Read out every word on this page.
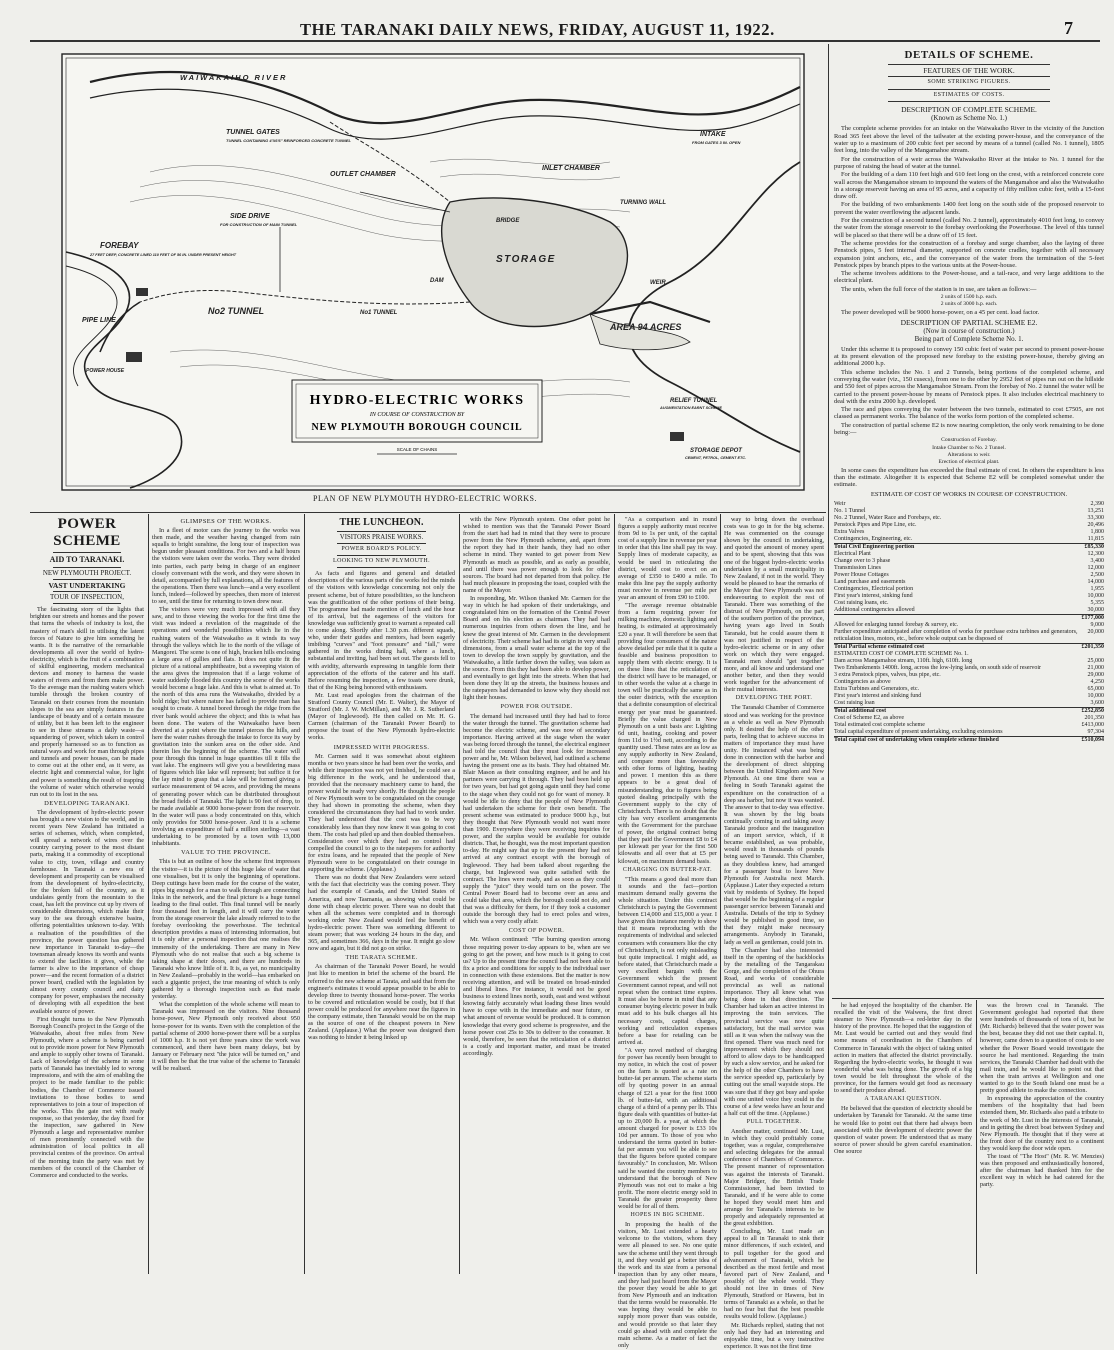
THE TARANAKI DAILY NEWS, FRIDAY, AUGUST 11, 1922.	7
HYDRO-ELECTRIC WORKS
IN COURSE OF CONSTRUCTION BY
NEW PLYMOUTH BOROUGH COUNCIL
SCALE OF CHAINS
WAIWAKAIHO RIVER
TUNNEL GATES
TUNNEL CONTAINING 4'X6'6" REINFORCED CONCRETE TUNNEL
INTAKE
FROM GATES 3 IN. OPEN
OUTLET CHAMBER
INLET CHAMBER
FOREBAY
27 FEET DEEP, CONCRETE LINED 110 FEET OF 56 IN. UNDER PRESENT HEIGHT
SIDE DRIVE
FOR CONSTRUCTION OF MAIN TUNNEL
TURNING WALL
BRIDGE
STORAGE
DAM	WEIR
No2 TUNNEL	No1 TUNNEL
PIPE LINE
AREA 94 ACRES
RELIEF TUNNEL
AUGMENTATION EARNT SCHEME
STORAGE DEPOT
CEMENT, PETROL, CEMENT ETC.
POWER HOUSE
PLAN OF NEW PLYMOUTH HYDRO-ELECTRIC WORKS.
POWER SCHEME
AID TO TARANAKI.
NEW PLYMOUTH PROJECT.
VAST UNDERTAKING
TOUR OF INSPECTION,

The fascinating story of the lights that brighten our streets and homes and the power that turns the wheels of industry is lost, the mastery of man's skill in utilising the latent forces of Nature to give him something he wants. It is the narrative of the remarkable developments all over the world of hydro-electricity, which is the fruit of a combination of skilful engineering, modern mechanical devices and money to harness the waste waters of rivers and from them make power. To the average man the rushing waters which tumble through the broken country of Taranaki on their courses from the mountain slopes to the sea are simply features in the landscape of beauty and of a certain measure of utility, but it has been left to the engineer to see in these streams a daily waste—a squandering of power, which taken in control and properly harnessed so as to function as natural ways and work for man through pipes and tunnels and power houses, can be made to come out at the other end, as it were, as electric light and commercial value, for light and power is something the result of trapping the volume of water which otherwise would run out to its lost in the sea.

DEVELOPING TARANAKI.

The development of hydro-electric power has brought a new vision to the world, and in recent years New Zealand has initiated a series of schemes, which, when completed, will spread a network of wires over the country carrying power to the most distant parts, making it a commodity of exceptional value to city, town, village and country farmhouse. In Taranaki a new era of development and prosperity can be visualised from the development of hydro-electricity, for the broken fall of the country, as it undulates gently from the mountain to the coast, has left the province cut up by rivers of considerable dimensions, which make their way to the sea through extensive basins, offering potentialities unknown to-day. With a realisation of the possibilities of the province, the power question has gathered new importance in Taranaki to-day—the townsman already knows its worth and wants to extend the facilities it gives, while the farmer is alive to the importance of cheap power—and the recent formation of a district power board, cradled with the legislation by almost every county council and dairy company for power, emphasises the necessity of developing with all expedition the best available source of power.

First thought turns to the New Plymouth Borough Council's project in the Gorge of the Waiwakaiho, about five miles from New Plymouth, where a scheme is being carried out to provide more power for New Plymouth and ample to supply other towns of Taranaki. Lack of knowledge of the scheme in some parts of Taranaki has inevitably led to wrong impressions, and with the aim of enabling the project to be made familiar to the public bodies, the Chamber of Commerce issued invitations to those bodies to send representatives to join a tour of inspection of the works. This the gate met with ready response, so that yesterday, the day fixed for the inspection, saw gathered in New Plymouth a large and representative number of men prominently connected with the administration of local politics in all provincial centres of the province. On arrival of the morning train the party was met by members of the council of the Chamber of Commerce and conducted to the works.

GLIMPSES OF THE WORKS.

In a fleet of motor cars the journey to the works was then made, and the weather having changed from rain squalls to bright sunshine, the long tour of inspection was begun under pleasant conditions. For two and a half hours the visitors were taken over the works. They were divided into parties, each party being in charge of an engineer closely conversant with the work, and they were shown in detail, accompanied by full explanations, all the features of the operations. Then there was lunch—and a very excellent lunch, indeed—followed by speeches, then more of interest to see, until the time for returning to town drew near.

The visitors were very much impressed with all they saw, and to those viewing the works for the first time the visit was indeed a revelation of the magnitude of the operations and wonderful possibilities which lie in the rushing waters of the Waiwakaiho as it winds its way through the valleys which lie to the north of the village of Mangorei. The scene is one of high, bracken hills enclosing a large area of gullies and flats. It does not quite fit the picture of a rational amphitheatre, but a sweeping vision of the area gives the impression that if a large volume of water suddenly flooded this country the scene of the works would become a huge lake. And this is what is aimed at. To the north of this area runs the Waiwakaiho, divided by a bold ridge; but where nature has failed to provide man has sought to create. A tunnel bored through the ridge from the river bank would achieve the object; and this is what has been done. The waters of the Waiwakaiho have been diverted at a point where the tunnel pierces the hills, and here the water rushes through the intake to force its way by gravitation into the sunken area on the other side. And therein lies the beginning of the scheme. The water will pour through this tunnel in huge quantities till it fills the vast lake. The engineers will give you a bewildering mass of figures which like lake will represent; but suffice it for the lay mind to grasp that a lake will be formed giving a surface measurement of 94 acres, and providing the means of generating power which can be distributed throughout the broad fields of Taranaki. The light is 90 feet of drop, to be made available at 9000 horse-power from the reservoir. In the water will pass a body concentrated on this, which only provides for 5000 horse-power. And it is a scheme involving an expenditure of half a million sterling—a vast undertaking to be promoted by a town with 13,000 inhabitants.

VALUE TO THE PROVINCE.

This is but an outline of how the scheme first impresses the visitor—it is the picture of this huge lake of water that one visualises, but it is only the beginning of operations. Deep cuttings have been made for the course of the water, pipes big enough for a man to walk through are connecting links in the network, and the final picture is a huge tunnel leading to the final outlet. This final tunnel will be nearly four thousand feet in length, and it will carry the water from the storage reservoir the lake already referred to to the forebay overlooking the powerhouse. The technical description provides a mass of interesting information, but it is only after a personal inspection that one realises the immensity of the undertaking. There are many in New Plymouth who do not realise that such a big scheme is taking shape at their doors, and there are hundreds in Taranaki who know little of it. It is, as yet, no municipality in New Zealand—probably in the world—has embarked on such a gigantic project, the true meaning of which is only gathered by a thorough inspection such as that made yesterday.

What the completion of the whole scheme will mean to Taranaki was impressed on the visitors. Nine thousand horse-power, New Plymouth only received about 950 horse-power for its wants. Even with the completion of the partial scheme of 2000 horse-power there will be a surplus of 1000 h.p. It is not yet three years since the work was commenced, and there have been many delays, but by January or February next "the juice will be turned on," and it will then be that the true value of the scheme to Taranaki will be realised.

THE LUNCHEON.
VISITORS PRAISE WORKS.
POWER BOARD'S POLICY.
LOOKING TO NEW PLYMOUTH.

As facts and figures and general and detailed descriptions of the various parts of the works fed the minds of the visitors with knowledge concerning not only the present scheme, but of future possibilities, so the luncheon was the gratification of the other portions of their being. The programme had made mention of lunch and the hour of its arrival, but the eagerness of the visitors for knowledge was sufficiently great to warrant a repeated call to come along. Shortly after 1.30 p.m. different squads, who, under their guides and mentors, had been eagerly imbibing "curves" and "foot pressure" and "fall," were gathered in the works dining hall, where a lunch, substantial and inviting, had been set out. The guests fell to with avidity, afterwards expressing in tangible form their appreciation of the efforts of the caterer and his staff. Before resuming the inspection, a few toasts were drunk, that of the King being honored with enthusiasm.

Mr. Lust read apologies from the chairman of the Stratford County Council (Mr. E. Walter), the Mayor of Stratford (Mr. J. W. McMillan), and Mr. J. R. Sutherland (Mayor of Inglewood). He then called on Mr. H. G. Carmen (chairman of the Taranaki Power Board) to propose the toast of the New Plymouth hydro-electric works.

IMPRESSED WITH PROGRESS.

Mr. Carmen said it was somewhat about eighteen months or two years since he had been over the works, and while their inspection was not yet finished, he could see a big difference in the work, and he understood that, provided that the necessary machinery came to hand, the power would be ready very shortly. He thought the people of New Plymouth were to be congratulated on the courage they had shown in promoting the scheme, when they considered the circumstances they had had to work under. They had understood that the cost was to be very considerably less than they now knew it was going to cost them. The costs had piled up and then doubled themselves. Consideration over which they had no control had compelled the council to go to the ratepayers for authority for extra loans, and he repeated that the people of New Plymouth were to be congratulated on their courage in supporting the scheme. (Applause.)

There was no doubt that New Zealanders were seized with the fact that electricity was the coming power. They had the example of Canada, and the United States of America, and now Tasmania, as showing what could be done with cheap electric power. There was no doubt that when all the schemes were completed and in thorough working order New Zealand would feel the benefit of hydro-electric power. There was something different to steam power; that was working 24 hours in the day, and 365, and sometimes 366, days in the year. It might go slow now and again, but it did not go on strike.

THE TARATA SCHEME.

As chairman of the Taranaki Power Board, he would just like to mention in brief the scheme of the board. He referred to the new scheme at Tarata, and said that from the engineer's estimates it would appear possible to be able to develop three to twenty thousand horse-power. The works to be covered and reticulation would be costly, but if that power could be produced for anywhere near the figures in the company estimate, then Taranaki would be on the map as the source of one of the cheapest powers in New Zealand. (Applause.) What the power was designed then was nothing to hinder it being linked up

with the New Plymouth system. One other point he wished to mention was that the Taranaki Power Board from the start had had in mind that they were to procure power from the New Plymouth scheme, and, apart from the report they had in their hands, they had no other scheme in mind. They wanted to get power from New Plymouth as much as possible, and as early as possible, and until there was power enough to look for other sources. The board had not departed from that policy. He had much pleasure in proposing the toast, coupled with the name of the Mayor.

In responding, Mr. Wilson thanked Mr. Carmen for the way in which he had spoken of their undertakings, and congratulated him on the formation of the Central Power Board and on his election as chairman. They had had numerous inquiries from others down the line, and he knew the great interest of Mr. Carmen in the development of electricity. Their scheme had had its origin in very small dimensions, from a small water scheme at the top of the town to develop the town supply by gravitation, and the Waiwakaiho, a little farther down the valley, was taken as the source. From this they had been able to develop power, and eventually to get light into the streets. When that had been done they lit up the streets, the business houses and the ratepayers had demanded to know why they should not light their houses.

POWER FOR OUTSIDE.

The demand had increased until they had had to force the water through the tunnel. The gravitation scheme had become the electric scheme, and was now of secondary importance. Having arrived at the stage when the water was being forced through the tunnel, the electrical engineer had told the council that they must look for increased power and he, Mr. Wilson believed, had outlined a scheme having the present one as its basis. They had obtained Mr. Blair Mason as their consulting engineer, and he and his partners were carrying it through. They had been held up for two years, but had got going again until they had come to the stage when they could not go for want of money. It would be idle to deny that the people of New Plymouth had undertaken the scheme for their own benefit. The present scheme was estimated to produce 9000 h.p., but they thought that New Plymouth would not want more than 1900. Everywhere they were receiving inquiries for power, and the surplus would be available for outside districts. That, he thought, was the most important question to-day. He might say that up to the present they had not arrived at any contract except with the borough of Inglewood. They had been talked about regarding the charge, but Inglewood was quite satisfied with the contract. The lines were ready, and as soon as they could supply the "juice" they would turn on the power. The Central Power Board had to become over an area and could take that area, which the borough could not do, and that was a difficulty for them, for if they took a customer outside the borough they had to erect poles and wires, which was a very costly affair.

COST OF POWER.

Mr. Wilson continued: "The burning question among those requiring power to-day appears to be, when are we going to get the power, and how much is it going to cost us? Up to the present time the council had not been able to fix a price and conditions for supply to the individual user in connection with these extensions. But the matter is now receiving attention, and will be treated on broad-minded and liberal lines. For instance, it would not be good business to extend lines north, south, east and west without knowing fairly accurately what loading these lines would have to cope with in the immediate and near future, or what amount of revenue would be produced. It is common knowledge that every good scheme is progressive, and the horse power cost 25s to 30s to deliver to the consumer. It would, therefore, be seen that the reticulation of a district is a costly and important matter, and must be treated accordingly.

"As a comparison and in round figures a supply authority must receive from 9d to 1s per unit, of the capital cost of a supply line in revenue per year in order that this line shall pay its way. Supply lines of moderate capacity, as would be used in reticulating the district, would cost to erect on an average of £350 to £400 a mile. To make this line pay the supply authority must receive in revenue per mile per year an amount of from £90 to £100.

"The average revenue obtainable from a farm requiring power for milking machine, domestic lighting and heating, is estimated at approximately £20 a year. It will therefore be seen that providing four consumers of the nature above detailed per mile that it is quite a feasible and business proposition to supply them with electric energy. It is on these lines that the reticulation of the district will have to be managed, or in other words the value at a charge in town will be practically the same as in the outer districts, with the exception that a definite consumption of electrical energy per year must be guaranteed. Briefly the value charged in New Plymouth on a unit basis are: Lighting 6d unit, heating, cooking and power from 11d to 1½d nett, according to the quantity used. These rates are as low as any supply authority in New Zealand, and compare more than favourably with other forms of lighting, heating and power. I mention this as there appears to be a great deal of misunderstanding, due to figures being quoted dealing principally with the Government supply to the city of Christchurch. There is no doubt that the city has very excellent arrangements with the Government for the purchase of power, the original contract being that they paid the Government £8 to £4 per kilowatt per year for the first 500 kilowatts and all over that at £5 per kilowatt, on maximum demand basis.

CHARGING ON BUTTER-FAT.

"This means a good deal more than it sounds and the fact—portion maximum demand really governs the whole situation. Under this contract Christchurch is paying the Government between £14,000 and £15,000 a year. I have given this instance merely to show that it means reproducing with the requirements of individual and selected consumers with consumers like the city of Christchurch, is not only misleading but quite impractical. I might add, as before stated, that Christchurch made a very excellent bargain with the Government which the present Government cannot repeat, and will not repeat when the contract time expires. It must also be borne in mind that any consumer buying electric power in bulk must add to his bulk charges all his necessary costs, capital charges, working and reticulation expenses before a base for retailing can be arrived at.

"A very novel method of charging for power has recently been brought to my notice, in which the cost of power on the farm is quoted as a rate on butter-fat per annum. The scheme starts off by quoting power in an annual charge of £21 a year for the first 1000 lb. of butter-fat, with an additional charge of a third of a penny per lb. This figure deals with quantities of butter-fat up to 20,000 lb. a year, at which the amount charged for power is £33 10s 10d per annum. To those of you who understand the terms quoted in butter-fat per annum you will be able to see that the figures before quoted compare favourably." In conclusion, Mr. Wilson said he wanted the country members to understand that the borough of New Plymouth was not out to make a big profit. The more electric energy sold in Taranaki the greater prosperity there would be for all of them.

HOPES IN BIG SCHEME.

In proposing the health of the visitors, Mr. Lust extended a hearty welcome to the visitors, whom they were all pleased to see. No one quite saw the scheme until they went through it, and they would get a better idea of the work and its size from a personal inspection than by any other means, and they had just heard from the Mayor the power they would be able to get from New Plymouth and an indication that the terms would be reasonable. He was hoping they would be able to supply more power than was outside, and would provide so that later they could go ahead with and complete the main scheme. As a matter of fact the only

way to bring down the overhead costs was to go in for the big scheme. He was commented on the courage shown by the council in undertaking, and quoted the amount of money spent and to be spent, showing that this was one of the biggest hydro-electric works undertaken by a small municipality in New Zealand, if not in the world. They would be pleased to hear the remarks of the Mayor that New Plymouth was not endeavouring to exploit the rest of Taranaki. There was something of the distrust of New Plymouth, on the part of the southern portion of the province, having years ago lived in South Taranaki, but he could assure them it was not justified in respect of the hydro-electric scheme or in any other work on which they were engaged. Taranaki men should "get together" more, and all know and understand one another better, and then they would work together for the advancement of their mutual interests.

DEVELOPING THE PORT.

The Taranaki Chamber of Commerce stood and was working for the province as a whole as well as New Plymouth only. It desired the help of the other parts, feeling that to achieve success in matters of importance they must have unity. He instanced what was being done in connection with the harbor and the development of direct shipping between the United Kingdom and New Plymouth. At one time there was a feeling in South Taranaki against the expenditure on the construction of a deep sea harbor, but now it was wanted. The answer to that to-day was effective. It was shown by the big boats continually coming in and taking away Taranaki produce and the inauguration of an import service, which, if it became established, as was probable, would result in thousands of pounds being saved to Taranaki. This Chamber, as they doubtless knew, had arranged for a passenger boat to leave New Plymouth for Australia next March. (Applause.) Later they expected a return visit by residents of Sydney. He hoped that would be the beginning of a regular passenger service between Taranaki and Australia. Details of the trip to Sydney would be published in good time, so that they might make necessary arrangements. Anybody in Taranaki, lady as well as gentleman, could join in.

The Chamber had also interested itself in the opening of the backblocks by the metalling of the Tangarakau Gorge, and the completion of the Ohura Road, and works of considerable provincial as well as national importance. They all knew what was being done in that direction. The Chamber had taken an active interest in improving the train services. The provincial service was now quite satisfactory, but the mail service was still as it was when the railway was the first opened. There was much need for improvement which they should not afford to allow days to be handicapped by such a slow service, and he asked for the help of the other Chambers to have the service speeded up, particularly by cutting out the small wayside stops. He was sure that if they got busy and spoke with one united voice they could in the course of a few weeks have an hour and a half cut off the time. (Applause.)

PULL TOGETHER.

Another matter, continued Mr. Lust, in which they could profitably come together, was a regular, comprehensive and selecting delegates for the annual conference of Chambers of Commerce. The present manner of representation was against the interests of Taranaki. Major Bridger, the British Trade Commissioner, had been invited to Taranaki, and if he were able to come he hoped they would meet him and arrange for Taranaki's interests to be properly and adequately represented at the great exhibition.

Concluding, Mr. Lust made an appeal to all in Taranaki to sink their minor differences, if such existed, and to pull together for the good and advancement of Taranaki, which he described as the most fertile and most favored part of New Zealand, and possibly of the whole world. They should not live in times of New Plymouth, Stratford or Hawera, but in terms of Taranaki as a whole, so that he had no fear but that the best possible results would follow. (Applause.)

Mr. Richards replied, stating that not only had they had an interesting and enjoyable time, but a very instructive experience. It was not the first time

DETAILS OF SCHEME.
FEATURES OF THE WORK.
SOME STRIKING FIGURES.
ESTIMATES OF COSTS.
DESCRIPTION OF COMPLETE SCHEME.
(Known as Scheme No. 1.)

The complete scheme provides for an intake on the Waiwakaiho River in the vicinity of the Junction Road 365 feet above the level of the tailwater at the existing power-house, and the conveyance of the water up to a maximum of 200 cubic feet per second by means of a tunnel (called No. 1 tunnel), 1805 feet long, into the valley of the Mangamahoe stream.

For the construction of a weir across the Waiwakaiho River at the intake to No. 1 tunnel for the purpose of raising the head of water at the tunnel.

For the building of a dam 110 feet high and 610 feet long on the crest, with a reinforced concrete core wall across the Mangamahoe stream to impound the waters of the Mangamahoe and also the Waiwakaiho in a storage reservoir having an area of 95 acres, and a capacity of fifty million cubic feet, with a 15-foot draw off.

For the building of two embankments 1400 feet long on the south side of the proposed reservoir to prevent the water overflowing the adjacent lands.

For the construction of a second tunnel (called No. 2 tunnel), approximately 4010 feet long, to convey the water from the storage reservoir to the forebay overlooking the Powerhouse. The level of this tunnel will be placed so that there will be a draw off of 15 feet.

The scheme provides for the construction of a forebay and surge chamber, also the laying of three Penstock pipes, 5 feet internal diameter, supported on concrete cradles, together with all necessary expansion joint anchors, etc., and the conveyance of the water from the termination of the 5-feet Penstock pipes by branch pipes to the various units at the Power-house.

The scheme involves additions to the Power-house, and a tail-race, and very large additions to the electrical plant.

The units, when the full force of the station is in use, are taken as follows:—

2 units of 1500 h.p. each.
2 units of 3000 h.p. each.

The power developed will be 9000 horse-power, on a 45 per cent. load factor.

DESCRIPTION OF PARTIAL SCHEME E2.
(Now in course of construction.)
Being part of Complete Scheme No. 1.

Under this scheme it is proposed to convey 150 cubic feet of water per second to present power-house at its present elevation of the proposed new forebay to the existing power-house, thereby giving an additional 2000 h.p.

This scheme includes the No. 1 and 2 Tunnels, being portions of the completed scheme, and conveying the water (viz., 150 cusecs), from one to the other by 2952 feet of pipes run out on the hillside and 550 feet of pipes across the Mangamahoe Stream. From the forebay of No. 2 tunnel the water will be carried to the present power-house by means of Penstock pipes. It also includes electrical machinery to deal with the extra 2000 h.p. developed.

The race and pipes conveying the water between the two tunnels, estimated to cost £7505, are not classed as permanent works. The balance of the works form portion of the completed scheme.

The construction of partial scheme E2 is now nearing completion, the only work remaining to be done being:—

Construction of Forebay.
Intake Chamber to No. 2 Tunnel.
Alterations to weir.
Erection of electrical plant.

In some cases the expenditure has exceeded the final estimate of cost. In others the expenditure is less than the estimate. Altogether it is expected that Scheme E2 will be completed somewhat under the estimate.

ESTIMATE OF COST OF WORKS IN COURSE OF CONSTRUCTION.
Weir	2,390
No. 1 Tunnel	13,251
No. 2 Tunnel, Water Race and Forebays, etc.	33,300
Penstock Pipes and Pipe Line, etc.	20,496
Extra Valves	1,800
Contingencies, Engineering, etc.	11,815
Total Civil Engineering portion	£85,330
Electrical Plant	12,300
Change over to 3 phase	3,400
Transmission Lines	12,000
Power House Cottages	2,500
Land purchase and easements	14,000
Contingencies, Electrical portion	1,955
First year's interest, sinking fund	10,000
Cost raising loans, etc.	5,355
Additional contingencies allowed	30,000
	£177,000
Allowed for enlarging tunnel forebay & survey, etc.	9,000
Further expenditure anticipated after completion of works for purchase extra turbines and generators, reticulation lines, motors, etc., before whole output can be disposed of	20,000
Total Partial scheme estimated cost	£201,350
ESTIMATED COST OF COMPLETE SCHEME No. 1.	
Dam across Mangamahoe stream, 110ft. high, 610ft. long	25,000
Two Embankments 1400ft. long, across the low-lying lands, on south side of reservoir	21,000
3 extra Penstock pipes, valves, bus pipe, etc.	29,000
Contingencies as above	4,250
Extra Turbines and Generators, etc.	65,000
First year's interest and sinking fund	10,000
Cost raising loan	3,600
Total additional cost	£252,850
Cost of Scheme E2, as above	201,350
Total estimated cost complete scheme	£413,000
Total capital expenditure of present undertaking, excluding extensions	97,304
Total capital cost of undertaking when complete scheme finished	£510,094

he had enjoyed the hospitality of the chamber. He recalled the visit of the Walwera, the first direct steamer to New Plymouth—a red-letter day in the history of the province. He hoped that the suggestion of Mr. Lust would be carried out and they would find some means of coordination in the Chambers of Commerce in Taranaki with the object of taking united action in matters that affected the district provincially. Regarding the hydro-electric works, he thought it was wonderful what was being done. The growth of a big town would be felt throughout the whole of the province, for the farmers would get food as necessary to send their produce abroad.

A TARANAKI QUESTION.

He believed that the question of electricity should be undertaken by Taranaki for Taranaki. At the same time he would like to point out that there had always been associated with the development of electric power the question of water power. He understood that as many source of power should be given careful examination. One source

was the brown coal in Taranaki. The Government geologist had reported that there were hundreds of thousands of tons of it, but he (Mr. Richards) believed that the water power was the best, because they did not use their capital. It, however, came down to a question of costs to see whether the Power Board would investigate the source he had mentioned. Regarding the train services, the Taranaki Chamber had dealt with the mail train, and he would like to point out that when the train arrives at Wellington and one wanted to go to the South Island one must be a pretty good athlete to make the connection.

In expressing the appreciation of the country members of the hospitality that had been extended them, Mr. Richards also paid a tribute to the work of Mr. Lust in the interests of Taranaki, and in getting the direct boat between Sydney and New Plymouth. He thought that if they were at the front door of the country next to a continent they would keep the door wide open.

The toast of "The Host" (Mr. R. W. Menzies) was then proposed and enthusiastically honored, after the chairman had thanked him for the excellent way in which he had catered for the party.
